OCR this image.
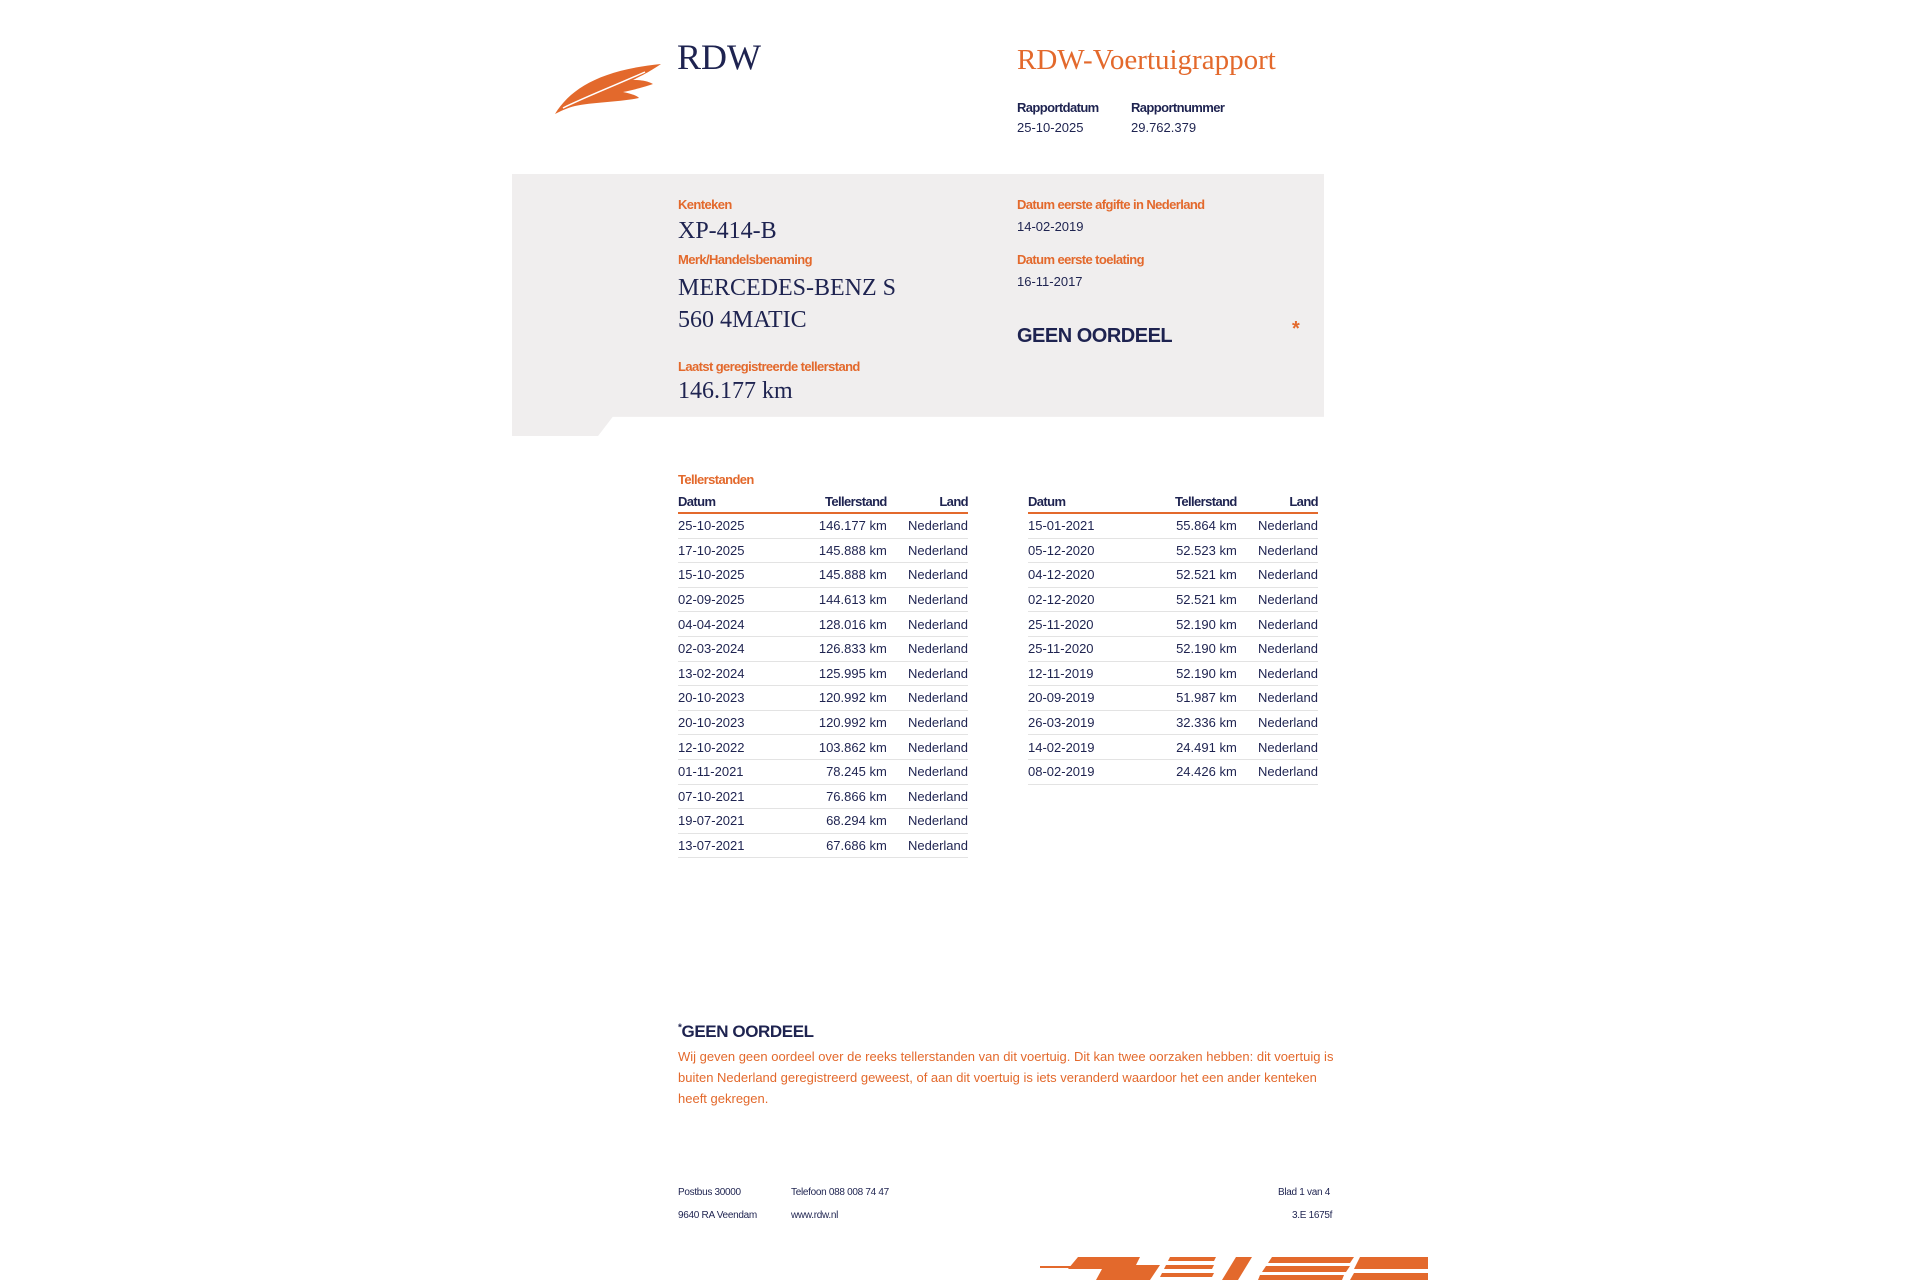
RDW	RDW-Voertuigrapport
Rapportdatum
25-10-2025
Rapportnummer
29.762.379
Kenteken
XP-414-B
Merk/Handelsbenaming
MERCEDES-BENZ S
560 4MATIC
Laatst geregistreerde tellerstand
146.177 km
Datum eerste afgifte in Nederland
14-02-2019
Datum eerste toelating
16-11-2017
GEEN OORDEEL	*
Tellerstanden
Datum	Tellerstand	Land
25-10-2025	146.177 km	Nederland
17-10-2025	145.888 km	Nederland
15-10-2025	145.888 km	Nederland
02-09-2025	144.613 km	Nederland
04-04-2024	128.016 km	Nederland
02-03-2024	126.833 km	Nederland
13-02-2024	125.995 km	Nederland
20-10-2023	120.992 km	Nederland
20-10-2023	120.992 km	Nederland
12-10-2022	103.862 km	Nederland
01-11-2021	78.245 km	Nederland
07-10-2021	76.866 km	Nederland
19-07-2021	68.294 km	Nederland
13-07-2021	67.686 km	Nederland
Datum	Tellerstand	Land
15-01-2021	55.864 km	Nederland
05-12-2020	52.523 km	Nederland
04-12-2020	52.521 km	Nederland
02-12-2020	52.521 km	Nederland
25-11-2020	52.190 km	Nederland
25-11-2020	52.190 km	Nederland
12-11-2019	52.190 km	Nederland
20-09-2019	51.987 km	Nederland
26-03-2019	32.336 km	Nederland
14-02-2019	24.491 km	Nederland
08-02-2019	24.426 km	Nederland
*GEEN OORDEEL
Wij geven geen oordeel over de reeks tellerstanden van dit voertuig. Dit kan twee oorzaken hebben: dit voertuig is buiten Nederland geregistreerd geweest, of aan dit voertuig is iets veranderd waardoor het een ander kenteken heeft gekregen.
Postbus 30000
9640 RA Veendam
Telefoon 088 008 74 47
www.rdw.nl
Blad 1 van 4
3.E 1675f
